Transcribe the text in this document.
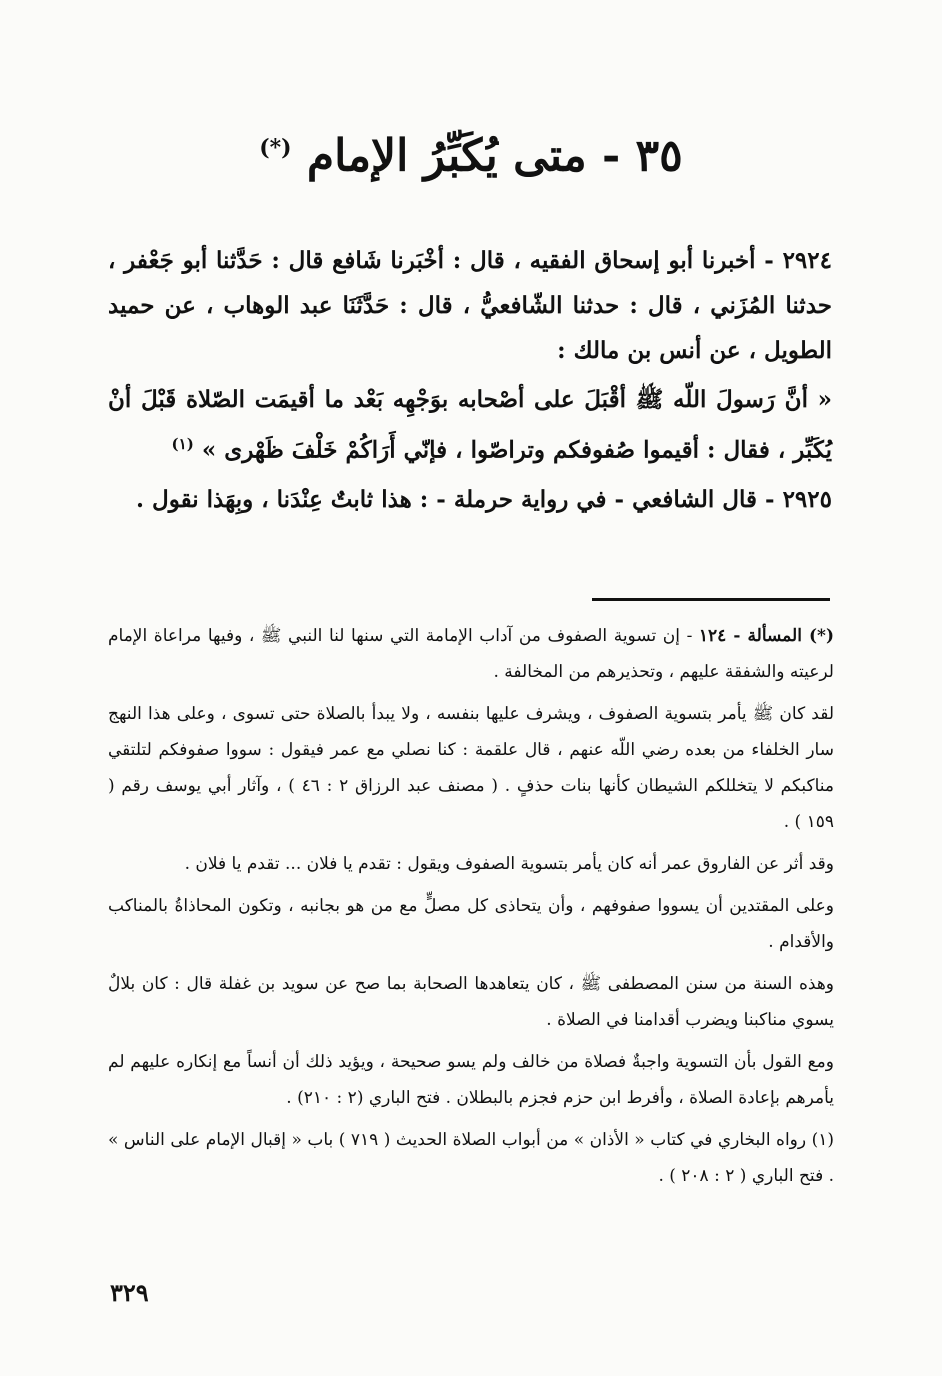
٣٥ - متى يُكَبِّرُ الإمام (*)

٢٩٢٤ - أخبرنا أبو إسحاق الفقيه ، قال : أخْبَرنا شَافع قال : حَدَّثنا أبو جَعْفر ، حدثنا المُزَني ، قال : حدثنا الشّافعيُّ ، قال : حَدَّثَنَا عبد الوهاب ، عن حميد الطويل ، عن أنس بن مالك :

« أنَّ رَسولَ اللّه ﷺ أقْبَلَ على أصْحابه بوَجْهِه بَعْد ما أقيمَت الصّلاة قَبْلَ أنْ يُكَبِّر ، فقال : أقيموا صُفوفكم وتراصّوا ، فإنّي أَرَاكُمْ خَلْفَ ظَهْرى » $^{(١)}$

٢٩٢٥ - قال الشافعي - في رواية حرملة - : هذا ثابتٌ عِنْدَنا ، وبِهَذا نقول .

(*) المسألة - ١٢٤ - إن تسوية الصفوف من آداب الإمامة التي سنها لنا النبي ﷺ ، وفيها مراعاة الإمام لرعيته والشفقة عليهم ، وتحذيرهم من المخالفة .

لقد كان ﷺ يأمر بتسوية الصفوف ، ويشرف عليها بنفسه ، ولا يبدأ بالصلاة حتى تسوى ، وعلى هذا النهج سار الخلفاء من بعده رضي اللّه عنهم ، قال علقمة : كنا نصلي مع عمر فيقول : سووا صفوفكم لتلتقي مناكبكم لا يتخللكم الشيطان كأنها بنات حذفٍ . ( مصنف عبد الرزاق ٢ : ٤٦ ) ، وآثار أبي يوسف رقم ( ١٥٩ ) .

وقد أثر عن الفاروق عمر أنه كان يأمر بتسوية الصفوف ويقول : تقدم يا فلان ... تقدم يا فلان .

وعلى المقتدين أن يسووا صفوفهم ، وأن يتحاذى كل مصلٍّ مع من هو بجانبه ، وتكون المحاذاةُ بالمناكب والأقدام .

وهذه السنة من سنن المصطفى ﷺ ، كان يتعاهدها الصحابة بما صح عن سويد بن غفلة قال : كان بلالٌ يسوي مناكبنا ويضرب أقدامنا في الصلاة .

ومع القول بأن التسوية واجبةٌ فصلاة من خالف ولم يسو صحيحة ، ويؤيد ذلك أن أنساً مع إنكاره عليهم لم يأمرهم بإعادة الصلاة ، وأفرط ابن حزم فجزم بالبطلان . فتح الباري (٢ : ٢١٠) .

(١) رواه البخاري في كتاب « الأذان » من أبواب الصلاة الحديث ( ٧١٩ ) باب « إقبال الإمام على الناس » . فتح الباري ( ٢ : ٢٠٨ ) .

٣٢٩
